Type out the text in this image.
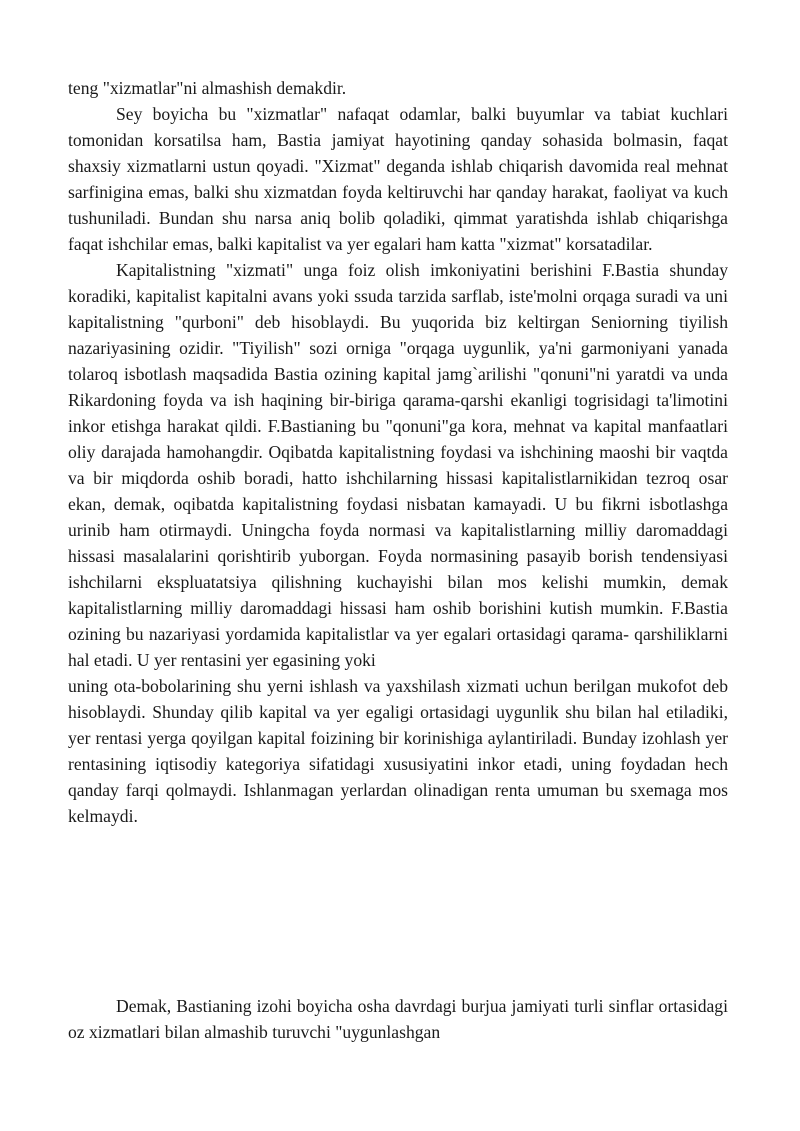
teng "xizmatlar"ni almashish demakdir.

Sey boyicha bu "xizmatlar" nafaqat odamlar, balki buyumlar va tabiat kuchlari tomonidan korsatilsa ham, Bastia jamiyat hayotining qanday sohasida bolmasin, faqat shaxsiy xizmatlarni ustun qoyadi. "Xizmat" deganda ishlab chiqarish davomida real mehnat sarfinigina emas, balki shu xizmatdan foyda keltiruvchi har qanday harakat, faoliyat va kuch tushuniladi. Bundan shu narsa aniq bolib qoladiki, qimmat yaratishda ishlab chiqarishga faqat ishchilar emas, balki kapitalist va yer egalari ham katta "xizmat" korsatadilar.

Kapitalistning "xizmati" unga foiz olish imkoniyatini berishini F.Bastia shunday koradiki, kapitalist kapitalni avans yoki ssuda tarzida sarflab, iste'molni orqaga suradi va uni kapitalistning "qurboni" deb hisoblaydi. Bu yuqorida biz keltirgan Seniorning tiyilish nazariyasining ozidir. "Tiyilish" sozi orniga "orqaga uygunlik, ya'ni garmoniyani yanada tolaroq isbotlash maqsadida Bastia ozining kapital jamg`arilishi "qonuni"ni yaratdi va unda Rikardoning foyda va ish haqining bir-biriga qarama-qarshi ekanligi togrisidagi ta'limotini inkor etishga harakat qildi. F.Bastianing bu "qonuni"ga kora, mehnat va kapital manfaatlari oliy darajada hamohangdir. Oqibatda kapitalistning foydasi va ishchining maoshi bir vaqtda va bir miqdorda oshib boradi, hatto ishchilarning hissasi kapitalistlarnikidan tezroq osar ekan, demak, oqibatda kapitalistning foydasi nisbatan kamayadi. U bu fikrni isbotlashga urinib ham otirmaydi. Uningcha foyda normasi va kapitalistlarning milliy daromaddagi hissasi masalalarini qorishtirib yuborgan. Foyda normasining pasayib borish tendensiyasi ishchilarni ekspluatatsiya qilishning kuchayishi bilan mos kelishi mumkin, demak kapitalistlarning milliy daromaddagi hissasi ham oshib borishini kutish mumkin. F.Bastia ozining bu nazariyasi yordamida kapitalistlar va yer egalari ortasidagi qarama- qarshiliklarni hal etadi. U yer rentasini yer egasining yoki

uning ota-bobolarining shu yerni ishlash va yaxshilash xizmati uchun berilgan mukofot deb hisoblaydi. Shunday qilib kapital va yer egaligi ortasidagi uygunlik shu bilan hal etiladiki, yer rentasi yerga qoyilgan kapital foizining bir korinishiga aylantiriladi. Bunday izohlash yer rentasining iqtisodiy kategoriya sifatidagi xususiyatini inkor etadi, uning foydadan hech qanday farqi qolmaydi. Ishlanmagan yerlardan olinadigan renta umuman bu sxemaga mos kelmaydi.

Demak, Bastianing izohi boyicha osha davrdagi burjua jamiyati turli sinflar ortasidagi oz xizmatlari bilan almashib turuvchi "uygunlashgan
